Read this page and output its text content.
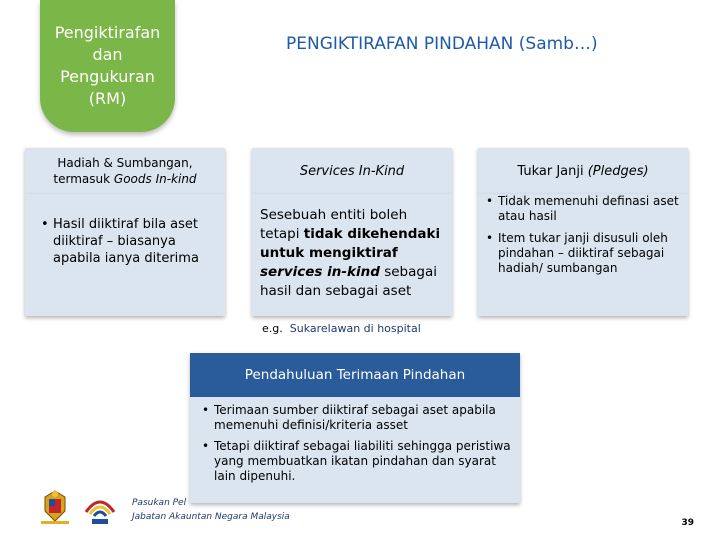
Pengiktirafan
dan
Pengukuran
(RM)
PENGIKTIRAFAN PINDAHAN (Samb…)
Hadiah & Sumbangan,
termasuk Goods In-kind
• Hasil diiktiraf bila aset diiktiraf – biasanya apabila ianya diterima
Services In-Kind
Sesebuah entiti boleh tetapi tidak dikehendaki untuk mengiktiraf services in-kind sebagai hasil dan sebagai aset
Tukar Janji
(Pledges)
• Tidak memenuhi definasi aset atau hasil
• Item tukar janji disusuli oleh pindahan – diiktiraf sebagai hadiah/ sumbangan
e.g. Sukarelawan di hospital
Pendahuluan Terimaan Pindahan
• Terimaan sumber diiktiraf sebagai aset apabila memenuhi definisi/kriteria asset
• Tetapi diiktiraf sebagai liabiliti sehingga peristiwa yang membuatkan ikatan pindahan dan syarat lain dipenuhi.
Pasukan Pel
Jabatan Akauntan Negara Malaysia
39
